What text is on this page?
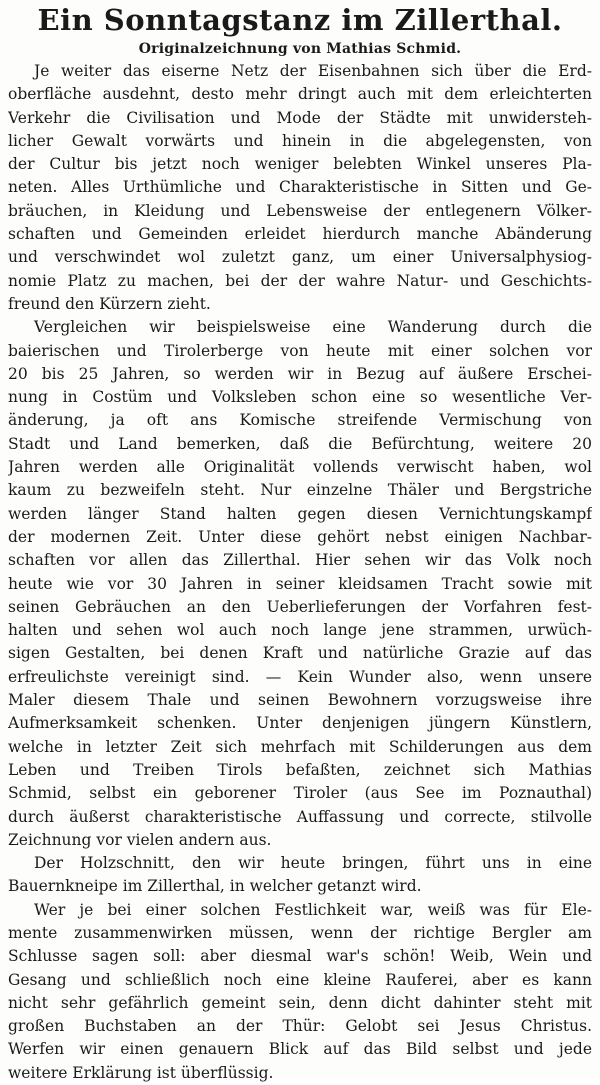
Ein Sonntagstanz im Zillerthal.
Originalzeichnung von Mathias Schmid.
Je weiter das eiserne Netz der Eisenbahnen sich über die Erd-
oberfläche ausdehnt, desto mehr dringt auch mit dem erleichterten
Verkehr die Civilisation und Mode der Städte mit unwidersteh-
licher Gewalt vorwärts und hinein in die abgelegensten, von
der Cultur bis jetzt noch weniger belebten Winkel unseres Pla-
neten. Alles Urthümliche und Charakteristische in Sitten und Ge-
bräuchen, in Kleidung und Lebensweise der entlegenern Völker-
schaften und Gemeinden erleidet hierdurch manche Abänderung
und verschwindet wol zuletzt ganz, um einer Universalphysiog-
nomie Platz zu machen, bei der der wahre Natur- und Geschichts-
freund den Kürzern zieht.
Vergleichen wir beispielsweise eine Wanderung durch die
baierischen und Tirolerberge von heute mit einer solchen vor
20 bis 25 Jahren, so werden wir in Bezug auf äußere Erschei-
nung in Costüm und Volksleben schon eine so wesentliche Ver-
änderung, ja oft ans Komische streifende Vermischung von
Stadt und Land bemerken, daß die Befürchtung, weitere 20
Jahren werden alle Originalität vollends verwischt haben, wol
kaum zu bezweifeln steht. Nur einzelne Thäler und Bergstriche
werden länger Stand halten gegen diesen Vernichtungskampf
der modernen Zeit. Unter diese gehört nebst einigen Nachbar-
schaften vor allen das Zillerthal. Hier sehen wir das Volk noch
heute wie vor 30 Jahren in seiner kleidsamen Tracht sowie mit
seinen Gebräuchen an den Ueberlieferungen der Vorfahren fest-
halten und sehen wol auch noch lange jene strammen, urwüch-
sigen Gestalten, bei denen Kraft und natürliche Grazie auf das
erfreulichste vereinigt sind. — Kein Wunder also, wenn unsere
Maler diesem Thale und seinen Bewohnern vorzugsweise ihre
Aufmerksamkeit schenken. Unter denjenigen jüngern Künstlern,
welche in letzter Zeit sich mehrfach mit Schilderungen aus dem
Leben und Treiben Tirols befaßten, zeichnet sich Mathias
Schmid, selbst ein geborener Tiroler (aus See im Poznauthal)
durch äußerst charakteristische Auffassung und correcte, stilvolle
Zeichnung vor vielen andern aus.
Der Holzschnitt, den wir heute bringen, führt uns in eine
Bauernkneipe im Zillerthal, in welcher getanzt wird.
Wer je bei einer solchen Festlichkeit war, weiß was für Ele-
mente zusammenwirken müssen, wenn der richtige Bergler am
Schlusse sagen soll: aber diesmal war's schön! Weib, Wein und
Gesang und schließlich noch eine kleine Rauferei, aber es kann
nicht sehr gefährlich gemeint sein, denn dicht dahinter steht mit
großen Buchstaben an der Thür: Gelobt sei Jesus Christus.
Werfen wir einen genauern Blick auf das Bild selbst und jede
weitere Erklärung ist überflüssig.
